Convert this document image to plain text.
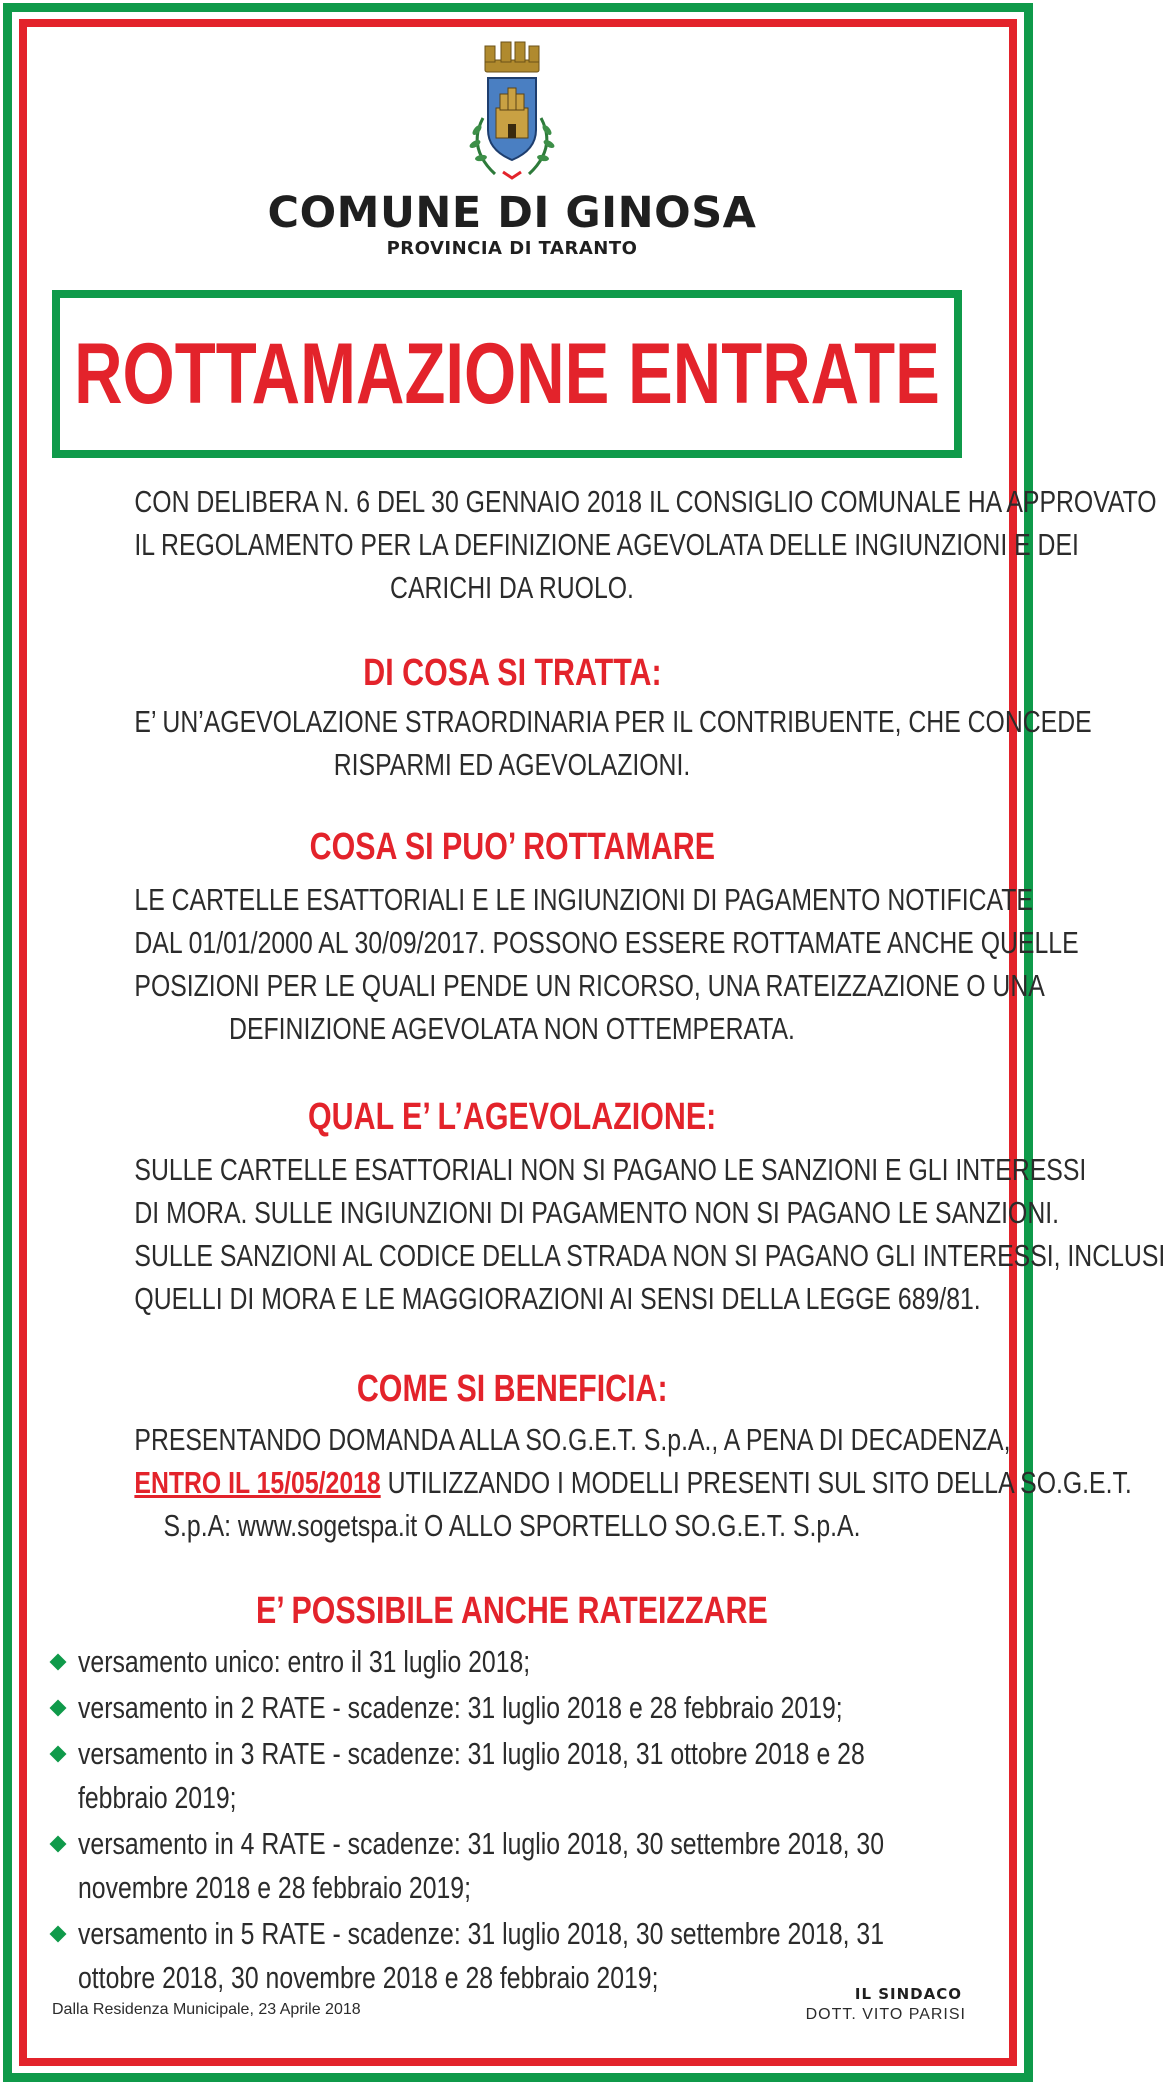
COMUNE DI GINOSA
PROVINCIA DI TARANTO
ROTTAMAZIONE ENTRATE
CON DELIBERA N. 6 DEL 30 GENNAIO 2018 IL CONSIGLIO COMUNALE HA APPROVATO
IL REGOLAMENTO PER LA DEFINIZIONE AGEVOLATA DELLE INGIUNZIONI E DEI
CARICHI DA RUOLO.
DI COSA SI TRATTA:
E’ UN’AGEVOLAZIONE STRAORDINARIA PER IL CONTRIBUENTE, CHE CONCEDE
RISPARMI ED AGEVOLAZIONI.
COSA SI PUO’ ROTTAMARE
LE CARTELLE ESATTORIALI E LE INGIUNZIONI DI PAGAMENTO NOTIFICATE
DAL 01/01/2000 AL 30/09/2017. POSSONO ESSERE ROTTAMATE ANCHE QUELLE
POSIZIONI PER LE QUALI PENDE UN RICORSO, UNA RATEIZZAZIONE O UNA
DEFINIZIONE AGEVOLATA NON OTTEMPERATA.
QUAL E’ L’AGEVOLAZIONE:
SULLE CARTELLE ESATTORIALI NON SI PAGANO LE SANZIONI E GLI INTERESSI
DI MORA. SULLE INGIUNZIONI DI PAGAMENTO NON SI PAGANO LE SANZIONI.
SULLE SANZIONI AL CODICE DELLA STRADA NON SI PAGANO GLI INTERESSI, INCLUSI
QUELLI DI MORA E LE MAGGIORAZIONI AI SENSI DELLA LEGGE 689/81.
COME SI BENEFICIA:
PRESENTANDO DOMANDA ALLA SO.G.E.T. S.p.A., A PENA DI DECADENZA,
ENTRO IL 15/05/2018 UTILIZZANDO I MODELLI PRESENTI SUL SITO DELLA SO.G.E.T.
S.p.A: www.sogetspa.it O ALLO SPORTELLO SO.G.E.T. S.p.A.
E’ POSSIBILE ANCHE RATEIZZARE
versamento unico: entro il 31 luglio 2018;
versamento in 2 RATE - scadenze: 31 luglio 2018 e 28 febbraio 2019;
versamento in 3 RATE - scadenze: 31 luglio 2018, 31 ottobre 2018 e 28 febbraio 2019;
versamento in 4 RATE - scadenze: 31 luglio 2018, 30 settembre 2018, 30 novembre 2018 e 28 febbraio 2019;
versamento in 5 RATE - scadenze: 31 luglio 2018, 30 settembre 2018, 31 ottobre 2018, 30 novembre 2018 e 28 febbraio 2019;
Dalla Residenza Municipale, 23 Aprile 2018
IL SINDACO
DOTT. VITO PARISI
